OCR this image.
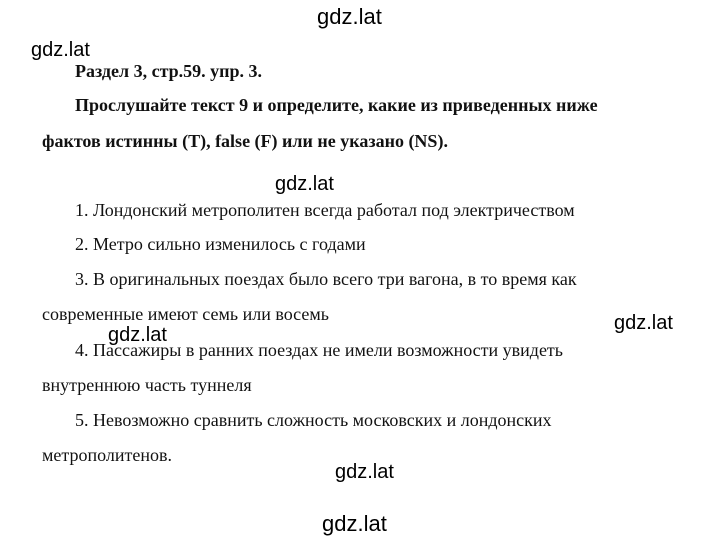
Раздел 3, стр.59. упр. 3.
Прослушайте текст 9 и определите, какие из приведенных ниже
фактов истинны (T), false (F) или не указано (NS).
1. Лондонский метрополитен всегда работал под электричеством
2. Метро сильно изменилось с годами
3. В оригинальных поездах было всего три вагона, в то время как
современные имеют семь или восемь
4. Пассажиры в ранних поездах не имели возможности увидеть
внутреннюю часть туннеля
5. Невозможно сравнить сложность московских и лондонских
метрополитенов.
gdz.lat
gdz.lat
gdz.lat
gdz.lat
gdz.lat
gdz.lat
gdz.lat
